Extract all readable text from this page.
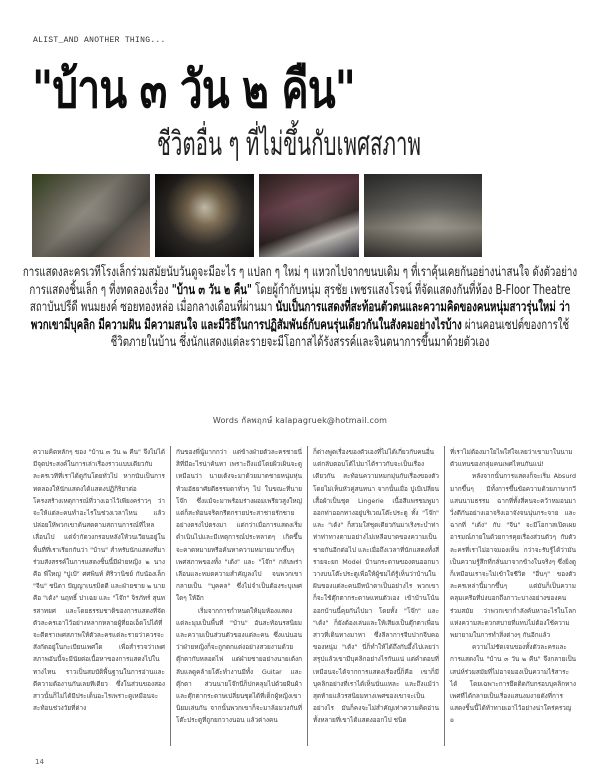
ALIST_AND ANOTHER THING...
"บ้าน ๓ วัน ๒ คืน"
ชีวิตอื่น ๆ ที่ไม่ขึ้นกับเพศสภาพ
การแสดงละครเวทีโรงเล็กร่วมสมัยนับวันดูจะมีอะไร ๆ แปลก ๆ ใหม่ ๆ แหวกไปจากขนบเดิม ๆ ที่เราคุ้นเคยกันอย่างน่าสนใจ ดังตัวอย่างการแสดงชิ้นเล็ก ๆ ที่งทดลองเรื่อง "บ้าน ๓ วัน ๒ คืน" โดยผู้กำกับหนุ่ม สุรชัย เพชรแสงโรจน์ ที่จัดแสดงกันที่ห้อง B-Floor Theatre สถาบันปรีดี พนมยงค์ ซอยทองหล่อ เมื่อกลางเดือนที่ผ่านมา นับเป็นการแสดงที่สะท้อนตัวตนและความคิดของคนหนุ่มสาวรุ่นใหม่ ว่าพวกเขามีบุคลิก มีความฝัน มีความสนใจ และมีวิธีในการปฏิสัมพันธ์กับคนรุ่นเดียวกันในสังคมอย่างไรบ้าง ผ่านคอนเซปต์ของการใช้ชีวิตภายในบ้าน ซึ่งนักแสดงแต่ละรายจะมีโอกาสได้รังสรรค์และจินตนาการขึ้นมาด้วยตัวเอง
Words กัลพฤกษ์ kalapagruek@hotmail.com

ความคิดหลักๆ ของ "บ้าน ๓ วัน ๒ คืน" จึงไม่ได้มีจุดประสงค์ในการเล่าเรื่องราวแบบเดียวกับละครเวทีที่เราได้ดูกันโดยทั่วไป หากนับเป็นการทดลองให้นักแสดงได้แสดงปฏิกิริยาต่อโครงสร้างเหตุการณ์ที่วางเอาไว้เพียงคร่าวๆ ว่าจะให้แต่ละคนทำอะไรในช่วงเวลาไหน แล้วปล่อยให้พวกเขาด้นสดตามสถานการณ์ที่ไหลเลื่อนไป แต่จำกัดวงกรอบหลังให้วนเวียนอยู่ในพื้นที่ที่เราเรียกกันว่า "บ้าน" สำหรับนักแสดงที่มาร่วมสังสรรค์ในการแสดงชิ้นนี้มีฝ่ายหญิง ๒ นาง คือ พี่ใหญ่ "ปูเป้" ศศพินท์ ศิริวานิชย์ กับน้องเล็ก "จีน" ชนิดา ปัญญาเนรมิตดี และฝ่ายชาย ๒ นาย คือ "เต้ง" นฤทธิ์ ปาเฉย และ "โจ๊ก" จิรภัทร์ สุนทรสาทยศ และโดยธรรมชาติของการแสดงที่จัดตัวละครเอาไว้อย่างหลากหลายผู้ที่ยอเอ็ดโปได้ที่จะตีตราเพศสภาพให้ตัวละครแต่ละรายว่าควรจะสังกัดอยู่ในกะเบียนเพศใด เพื่อสำรวจว่าเพศสภาพอันนี้จะมีนัยต่อเนื้อหาของการแสดงไปในทางไหน ราวเป็นสมบัติพื้นฐานในการอ่านและตีความต้องานกันเลยทีเดียว ซึ่งในส่วนของสองสาวนั้นก็ไม่ได้มีประเด็นอะไรเพราะดูเหมือนจะสะท้อนช่วงวัยที่ต่าง

กันของพี่นู้มากกว่า แต่ข้างฝ่ายตัวละครชายนี่สิที่มีอะไรน่าค้นหา เพราะถึงแม้โดยผิวเผินจะดูเหมือนว่า นายเต้งจะมาด้วยมาดชายหนุ่มหุ่นท้วมอัธยาศัยดีธรรมดาทั่วๆ ไป ในขณะที่นายโจ๊ก ซึ่งแม้จะมาพร้อมร่างผอมเพรียวสูงใหญ่แต่ก็สะท้อนจริตกรีดกรายประสาชายรักชายอย่างตรงไปตรงมา แต่กว่าเมื่อการแสดงเริ่มดำเนินไปและมีเหตุการณ์ประหลาดๆ เกิดขึ้นจะคาดหมายหรือค้นหาความหมายมากขึ้นๆ เพศสภาพของทั้ง "เต้ง" และ "โจ๊ก" กลับพร่าเลือนและหมดความสำคัญลงไป จนพวกเขากลายเป็น "บุคคล" ซึ่งไม่จำเป็นต้องระบุเพศใดๆ ให้อีก

เริ่มจากการกำหนดให้มุมห้องแสดงแต่ละมุมเป็นพื้นที่ "บ้าน" อันสะท้อนรสนิยมและความเป็นส่วนตัวของแต่ละคน ซึ่งแน่นอนว่าฝ่ายหญิงก็จะถูกตกแต่งอย่างสวยงามด้วยตุ๊กตากับหลอดไฟ แต่ฝ่ายชายอย่างนายเต้งกลับแลดูคล้ายโต๊ะทำงานมีทั้ง Guitar และตุ๊กตา ส่วนนายโจ๊กนี่ก็ปกคลุมไปด้วยผืนผ้าและตุ๊กตากระดาษเปลี่ยนชุดได้ที่เด็กผู้หญิงเขานิยมเล่นกัน จากนั้นพวกเขาก็จะมาล้อมวงกันที่โต๊ะประตูที่ถูกยกวางนอน แล้วต่างคน

ก็ต่างพูดเรื่องของตัวเองที่ไม่ได้เกี่ยวกับคนอื่น แต่กลับตอบโต้ไปมาได้ราวกับจะเป็นเรื่องเดียวกัน สะท้อนความหมกมุ่นกับเรื่องของตัวโดยไม่เห็นหัวคู่สนทนา จากนั้นเมื่อ ปูเป้เปลี่ยนเสื้อผ้าเป็นชุด Lingerie เนื้อสีแพรชมพูมาออกท่าออกทางอยู่บริเวณโต๊ะประตู ทั้ง "โจ๊ก" และ "เต้ง" ก็สวมใส่ชุดเดียวกันมาเริงระบำท่าท่าท่าทางตามอย่างไม่เหลือบาดของความเป็นชายกันอีกต่อไป และเมื่อถึงเวลาที่นักแสดงทั้งสี่รายจะยก Model บ้านกระดาษของตนออกมาวางบนโต๊ะประตูเพื่อให้ผู้ชมได้รู้เห็นว่าบ้านในฝันของแต่ละคนมีหน้าตาเป็นอย่างไร พวกเขาก็จะใช้ตุ๊กตากระดาษแทนตัวเอง เข้าบ้านโน้นออกบ้านนี้คุยกันไปมา โดยทั้ง "โจ๊ก" และ "เต้ง" ก็ยังต้องเล่นและให้เสียงเป็นตุ๊กตาเพื่อนสาวที่เดินทางมาหา ซึ่งลีลาการจีบปากจีบคอของหนุ่ม "เต้ง" นี่ก็ทำให้ได้ถึงกับอึ้งไปเลยว่าสรุปแล้วเขามีบุคลิกอย่างไรกันแน่ แต่คำตอบที่เหมือนจะได้จากการแสดงเรื่องนี้ก็คือ เขาก็มีบุคลิกอย่างที่เราได้เห็นนั่นแหละ และถึงแม้ว่าสุดท้ายแล้วรสนิยมทางเพศของเขาจะเป็นอย่างไร มันก็คงจะไม่สำคัญเท่าความคิดอ่านทั้งหลายที่เขาได้แสดงออกไป ชนิด

ที่เราไม่ต้องมาใยไพใส่ใจเลยว่าเขามาในนามตัวแทนของกลุ่มคนเพศไหนกันแน่!

หลังจากนั้นการแสดงก็จะเริ่ม Absurd มากขึ้นๆ มีทั้งการขึ้นข้อความด้วยภาษากวีแสนนามธรรม ฉากที่ทั้งสี่คนจะคว้าหมอนมาวิ่งตีกันอย่างเอาจริงเอาจังจนนุ่นกระจาย และฉากที่ "เต้ง" กับ "จีน" จะมีโอกาสเปิดเผยอารมณ์ภายในด้วยการคุยเรื่องส่วนตัวๆ กับตัวละครที่เราไม่อาจมองเห็น กว่าจะรับรู้ได้ว่ามันเป็นความรู้สึกที่กลั่นมาจากข้างในจริงๆ ซึ่งยิ่งดูก็เหมือนเราจะไม่เข้าใจชีวิต "อื่นๆ" ของตัวละครเหล่านี้มากขึ้นๆ แต่มันก็เป็นความคลุมเครือที่บ่งบอกถึงภาวะบางอย่างของคนร่วมสมัย ว่าพวกเขากำลังค้นหาอะไรในโลกแห่งความสะดวกสบายที่แทบไม่ต้องใช้ความพยายามในการทำสิ่งต่างๆ กันอีกแล้ว

ความไม่ชัดเจนของทั้งตัวละครและการแสดงใน "บ้าน ๓ วัน ๒ คืน" จึงกลายเป็นเสน่ห์ร่วมสมัยที่ไม่อาจมองเป็นความไร้สาระได้ โดยเฉพาะการยึดติดกับกรอบบุคลิกทางเพศที่ได้กลายเป็นเรื่องแสนงมงายดังที่การแสดงชิ้นนี้ได้ท้าทายเอาไว้อย่างน่าใคร่ครวญ ๏

14
